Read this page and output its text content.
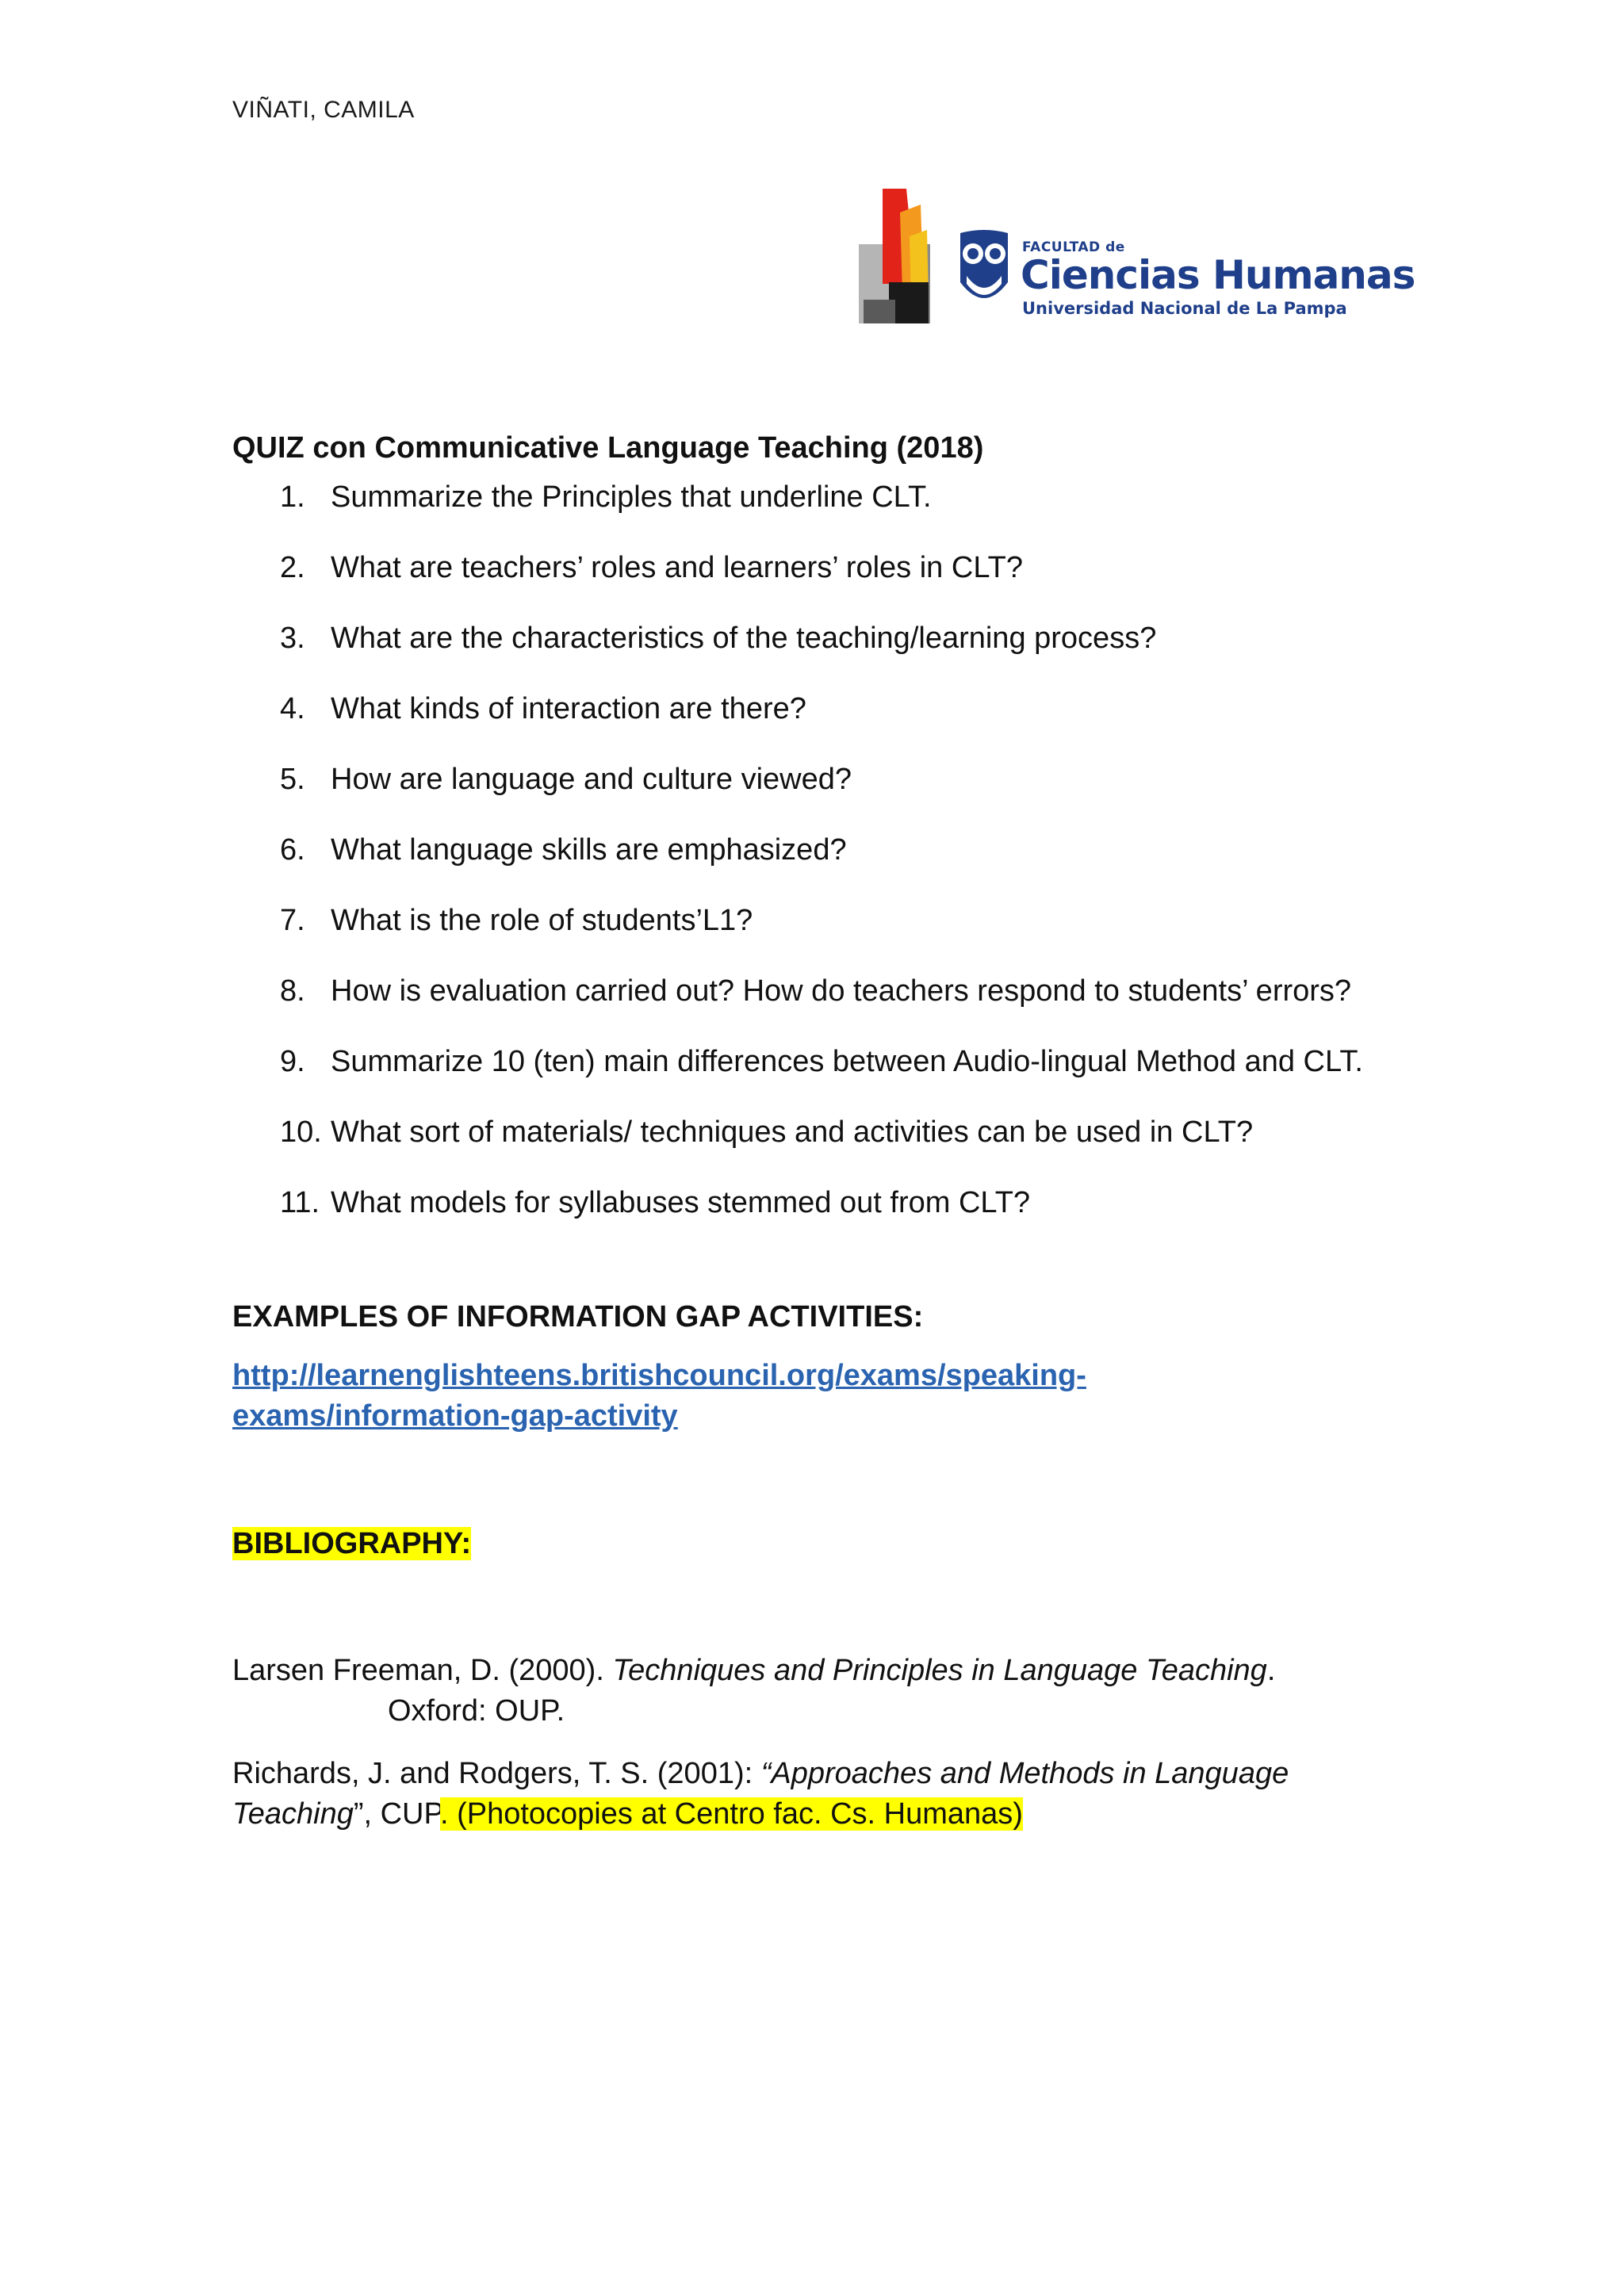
VIÑATI, CAMILA
FACULTAD de
Ciencias Humanas
Universidad Nacional de La Pampa
QUIZ con Communicative Language Teaching (2018)
1. Summarize the Principles that underline CLT.
2. What are teachers’ roles and learners’ roles in CLT?
3. What are the characteristics of the teaching/learning process?
4. What kinds of interaction are there?
5. How are language and culture viewed?
6. What language skills are emphasized?
7. What is the role of students’L1?
8. How is evaluation carried out? How do teachers respond to students’ errors?
9. Summarize 10 (ten) main differences between Audio-lingual Method and CLT.
10. What sort of materials/ techniques and activities can be used in CLT?
11. What models for syllabuses stemmed out from CLT?
EXAMPLES OF INFORMATION GAP ACTIVITIES:
http://learnenglishteens.britishcouncil.org/exams/speaking-exams/information-gap-activity
BIBLIOGRAPHY:
Larsen Freeman, D. (2000). Techniques and Principles in Language Teaching.
Oxford: OUP.
Richards, J. and Rodgers, T. S. (2001): “Approaches and Methods in Language Teaching”, CUP. (Photocopies at Centro fac. Cs. Humanas)
